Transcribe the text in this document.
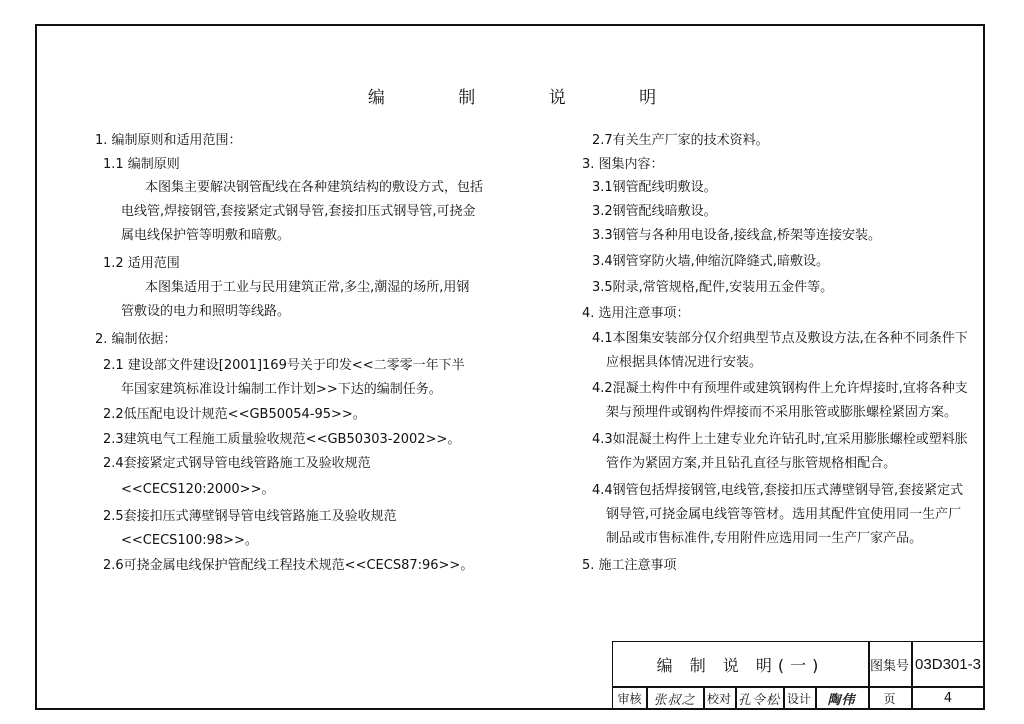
编 制 说 明
1. 编制原则和适用范围：
1.1 编制原则
本图集主要解决钢管配线在各种建筑结构的敷设方式，包括
电线管,焊接钢管,套接紧定式钢导管,套接扣压式钢导管,可挠金
属电线保护管等明敷和暗敷。
1.2 适用范围
本图集适用于工业与民用建筑正常,多尘,潮湿的场所,用钢
管敷设的电力和照明等线路。
2. 编制依据：
2.1 建设部文件建设[2001]169号关于印发<<二零零一年下半
年国家建筑标准设计编制工作计划>>下达的编制任务。
2.2低压配电设计规范<<GB50054-95>>。
2.3建筑电气工程施工质量验收规范<<GB50303-2002>>。
2.4套接紧定式钢导管电线管路施工及验收规范
<<CECS120:2000>>。
2.5套接扣压式薄壁钢导管电线管路施工及验收规范
<<CECS100:98>>。
2.6可挠金属电线保护管配线工程技术规范<<CECS87:96>>。
2.7有关生产厂家的技术资料。
3. 图集内容：
3.1钢管配线明敷设。
3.2钢管配线暗敷设。
3.3钢管与各种用电设备,接线盒,桥架等连接安装。
3.4钢管穿防火墙,伸缩沉降缝式,暗敷设。
3.5附录,常管规格,配件,安装用五金件等。
4. 选用注意事项：
4.1本图集安装部分仅介绍典型节点及敷设方法,在各种不同条件下
应根据具体情况进行安装。
4.2混凝土构件中有预埋件或建筑钢构件上允许焊接时,宜将各种支
架与预埋件或钢构件焊接而不采用胀管或膨胀螺栓紧固方案。
4.3如混凝土构件上土建专业允许钻孔时,宜采用膨胀螺栓或塑料胀
管作为紧固方案,并且钻孔直径与胀管规格相配合。
4.4钢管包括焊接钢管,电线管,套接扣压式薄壁钢导管,套接紧定式
钢导管,可挠金属电线管等管材。选用其配件宜使用同一生产厂
制品或市售标准件,专用附件应选用同一生产厂家产品。
5. 施工注意事项
编 制 说 明(一)	图集号 03D301-3
审核 张叔之 校对 孔令松 设计	陶伟	页	4
